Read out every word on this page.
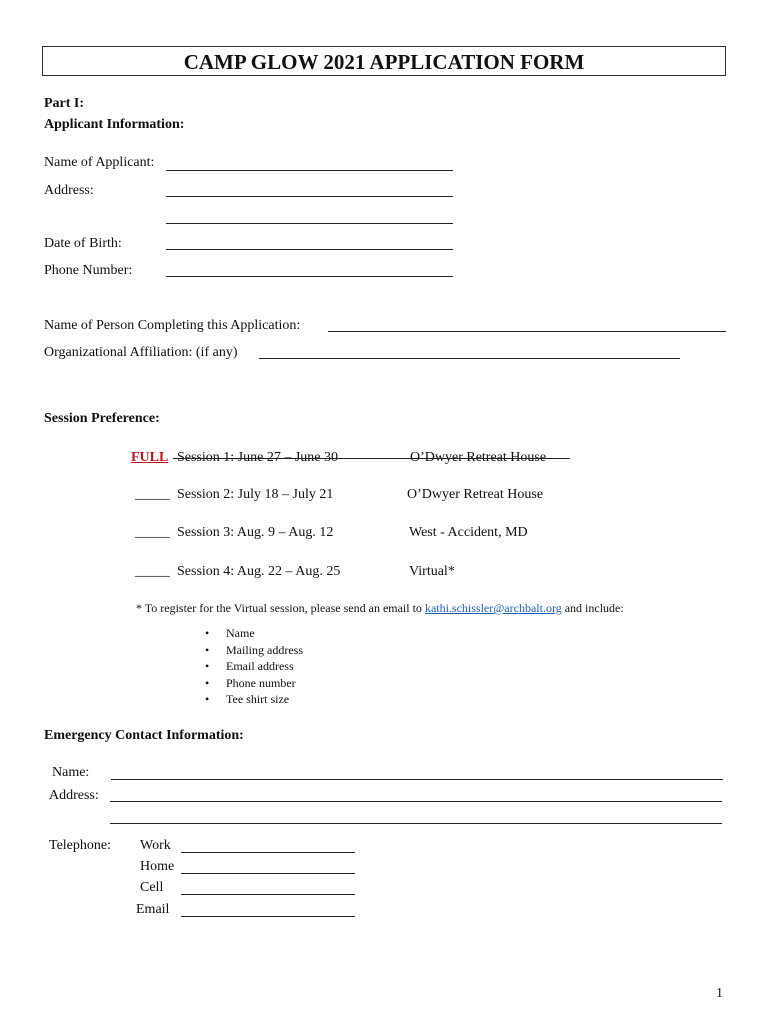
CAMP GLOW 2021 APPLICATION FORM
Part I:
Applicant Information:
Name of Applicant:
Address:
Date of Birth:
Phone Number:
Name of Person Completing this Application:
Organizational Affiliation: (if any)
Session Preference:
FULL Session 1: June 27 – June 30	O’Dwyer Retreat House
_____ Session 2: July 18 – July 21	O’Dwyer Retreat House
_____ Session 3: Aug. 9 – Aug. 12	West - Accident, MD
_____ Session 4: Aug. 22 – Aug. 25	Virtual*
* To register for the Virtual session, please send an email to kathi.schissler@archbalt.org and include:
• Name
• Mailing address
• Email address
• Phone number
• Tee shirt size
Emergency Contact Information:
Name:
Address:
Telephone: Work
Home
Cell
Email
1
